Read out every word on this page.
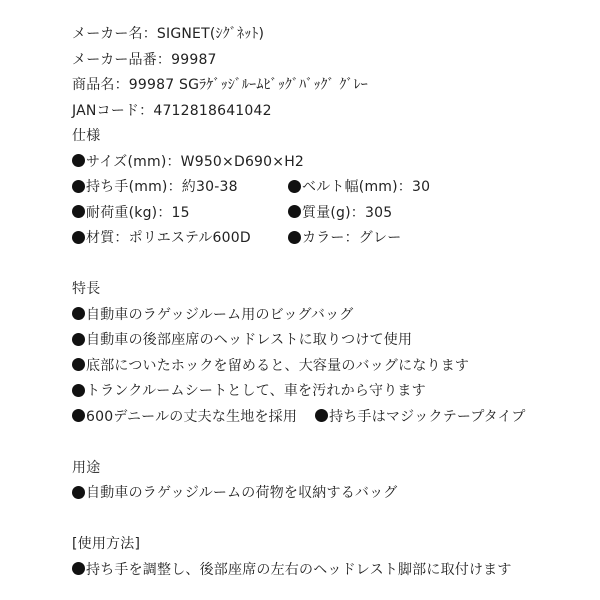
メーカー名：SIGNET(ｼｸﾞﾈｯﾄ)
メーカー品番：99987
商品名：99987 SGﾗｹﾞｯｼﾞﾙｰﾑﾋﾞｯｸﾞﾊﾞｯｸﾞ ｸﾞﾚｰ
JANコード：4712818641042
仕様
サイズ(mm)：W950×D690×H2
持ち手(mm)：約30-38	ベルト幅(mm)：30
耐荷重(kg)：15	質量(g)：305
材質：ポリエステル600D	カラー：グレー
特長
自動車のラゲッジルーム用のビッグバッグ
自動車の後部座席のヘッドレストに取りつけて使用
底部についたホックを留めると、大容量のバッグになります
トランクルームシートとして、車を汚れから守ります
600デニールの丈夫な生地を採用 持ち手はマジックテープタイプ
用途
自動車のラゲッジルームの荷物を収納するバッグ
[使用方法]
持ち手を調整し、後部座席の左右のヘッドレスト脚部に取付けます
